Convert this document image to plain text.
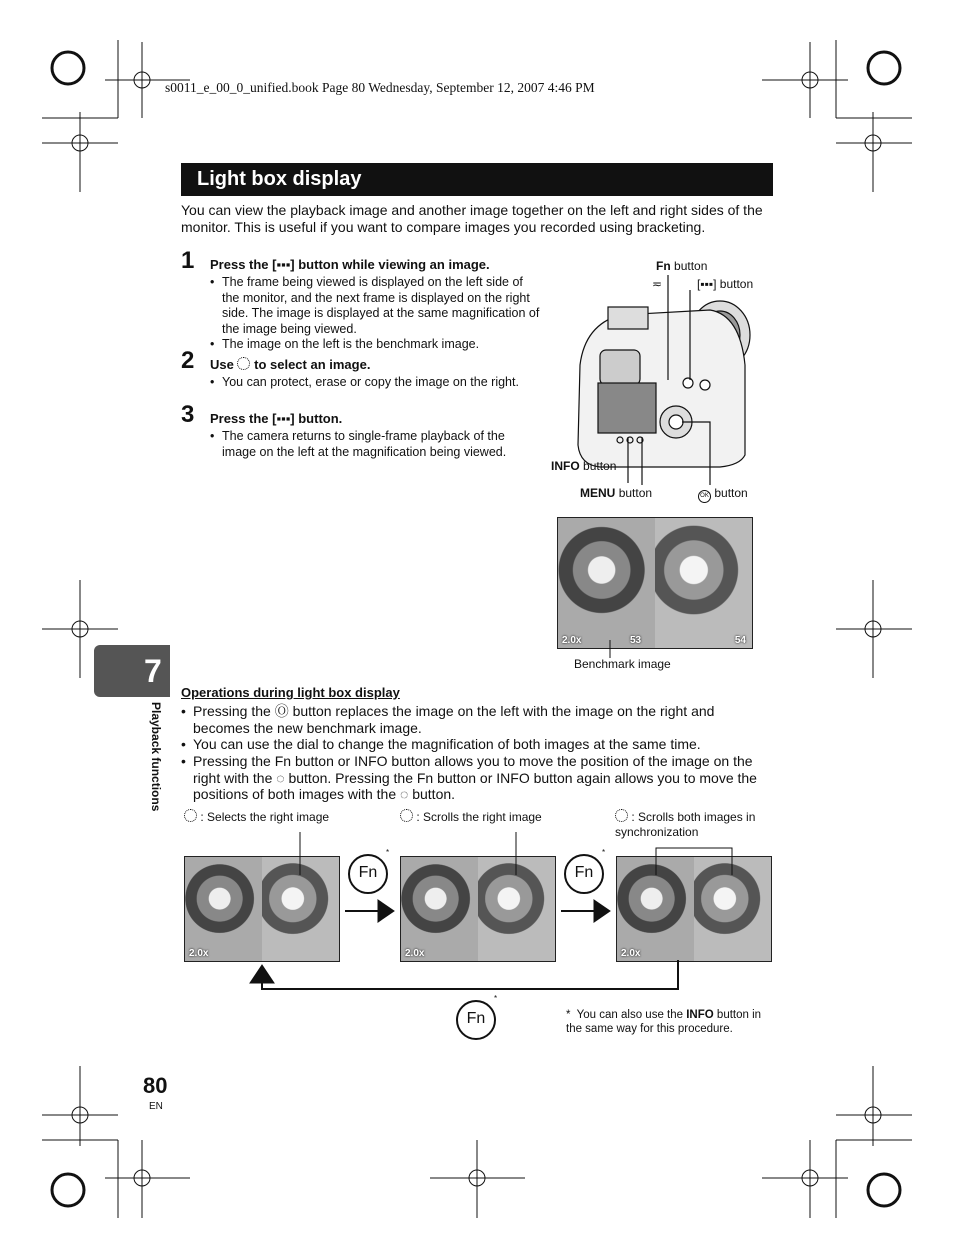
s0011_e_00_0_unified.book Page 80 Wednesday, September 12, 2007 4:46 PM
Light box display
You can view the playback image and another image together on the left and right sides of the monitor. This is useful if you want to compare images you recorded using bracketing.
1 Press the [▪▪▪] button while viewing an image.
• The frame being viewed is displayed on the left side of the monitor, and the next frame is displayed on the right side. The image is displayed at the same magnification of the image being viewed.
• The image on the left is the benchmark image.
2 Use to select an image.
• You can protect, erase or copy the image on the right.
3 Press the [▪▪▪] button.
• The camera returns to single-frame playback of the image on the left at the magnification being viewed.
Fn button
≂	[▪▪▪] button
INFO button
MENU button	OK button
2.0x	53	54
Benchmark image
7
Playback functions
Operations during light box display
• Pressing the Ⓞ button replaces the image on the left with the image on the right and becomes the new benchmark image.
• You can use the dial to change the magnification of both images at the same time.
• Pressing the Fn button or INFO button allows you to move the position of the image on the right with the ◌ button. Pressing the Fn button or INFO button again allows you to move the positions of both images with the ◌ button.
: Selects the right image	: Scrolls the right image	: Scrolls both images in synchronization
2.0x	2.0x	2.0x
Fn
*
Fn
*
Fn
*
* You can also use the INFO button in the same way for this procedure.
80
EN
